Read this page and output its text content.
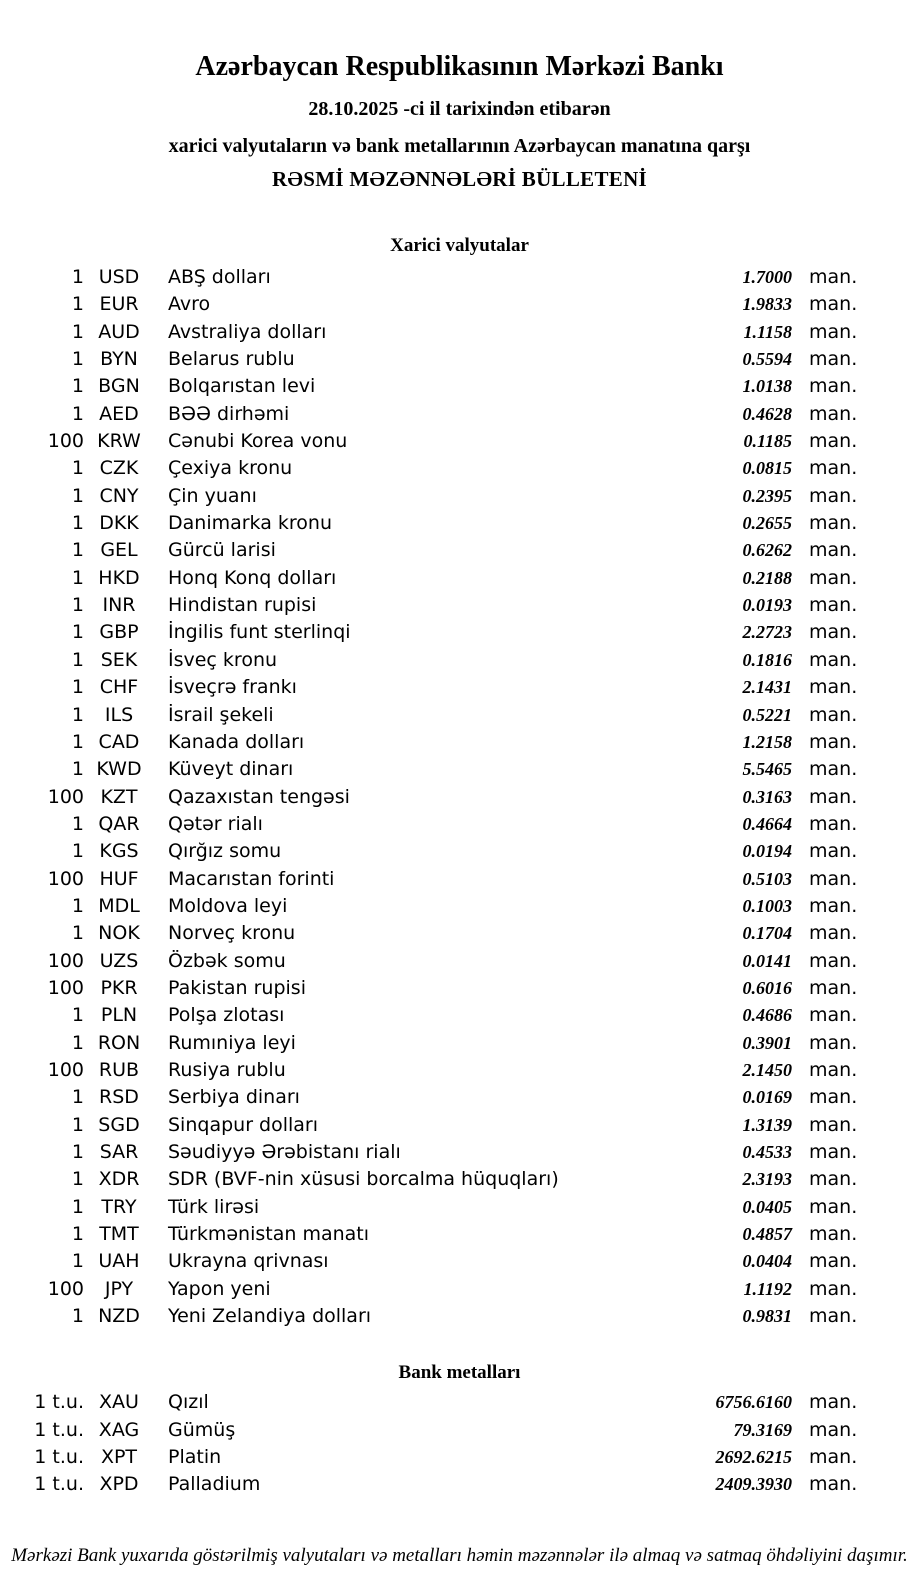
Azərbaycan Respublikasının Mərkəzi Bankı

28.10.2025 -ci il tarixindən etibarən

xarici valyutaların və bank metallarının Azərbaycan manatına qarşı

RƏSMİ MƏZƏNNƏLƏRİ BÜLLETENİ

Xarici valyutalar
1 USD	ABŞ dolları	1.7000 man.
1 EUR	Avro	1.9833 man.
1 AUD	Avstraliya dolları	1.1158 man.
1 BYN	Belarus rublu	0.5594 man.
1 BGN	Bolqarıstan levi	1.0138 man.
1 AED	BƏƏ dirhəmi	0.4628 man.
100 KRW	Cənubi Korea vonu	0.1185 man.
1 CZK	Çexiya kronu	0.0815 man.
1 CNY	Çin yuanı	0.2395 man.
1 DKK	Danimarka kronu	0.2655 man.
1 GEL	Gürcü larisi	0.6262 man.
1 HKD	Honq Konq dolları	0.2188 man.
1 INR	Hindistan rupisi	0.0193 man.
1 GBP	İngilis funt sterlinqi	2.2723 man.
1 SEK	İsveç kronu	0.1816 man.
1 CHF	İsveçrə frankı	2.1431 man.
1	ILS	İsrail şekeli	0.5221 man.
1 CAD	Kanada dolları	1.2158 man.
1 KWD	Küveyt dinarı	5.5465 man.
100 KZT	Qazaxıstan tengəsi	0.3163 man.
1 QAR	Qətər rialı	0.4664 man.
1 KGS	Qırğız somu	0.0194 man.
100 HUF	Macarıstan forinti	0.5103 man.
1 MDL	Moldova leyi	0.1003 man.
1 NOK	Norveç kronu	0.1704 man.
100 UZS	Özbək somu	0.0141 man.
100 PKR	Pakistan rupisi	0.6016 man.
1 PLN	Polşa zlotası	0.4686 man.
1 RON	Rumıniya leyi	0.3901 man.
100 RUB	Rusiya rublu	2.1450 man.
1 RSD	Serbiya dinarı	0.0169 man.
1 SGD	Sinqapur dolları	1.3139 man.
1 SAR	Səudiyyə Ərəbistanı rialı	0.4533 man.
1 XDR	SDR (BVF-nin xüsusi borcalma hüquqları)	2.3193 man.
1 TRY	Türk lirəsi	0.0405 man.
1 TMT	Türkmənistan manatı	0.4857 man.
1 UAH	Ukrayna qrivnası	0.0404 man.
100	JPY	Yapon yeni	1.1192 man.
1 NZD	Yeni Zelandiya dolları	0.9831 man.
Bank metalları
1 t.u. XAU	Qızıl	6756.6160 man.
1 t.u. XAG	Gümüş	79.3169 man.
1 t.u. XPT	Platin	2692.6215 man.
1 t.u. XPD	Palladium	2409.3930 man.

Mərkəzi Bank yuxarıda göstərilmiş valyutaları və metalları həmin məzənnələr ilə almaq və satmaq öhdəliyini daşımır.
